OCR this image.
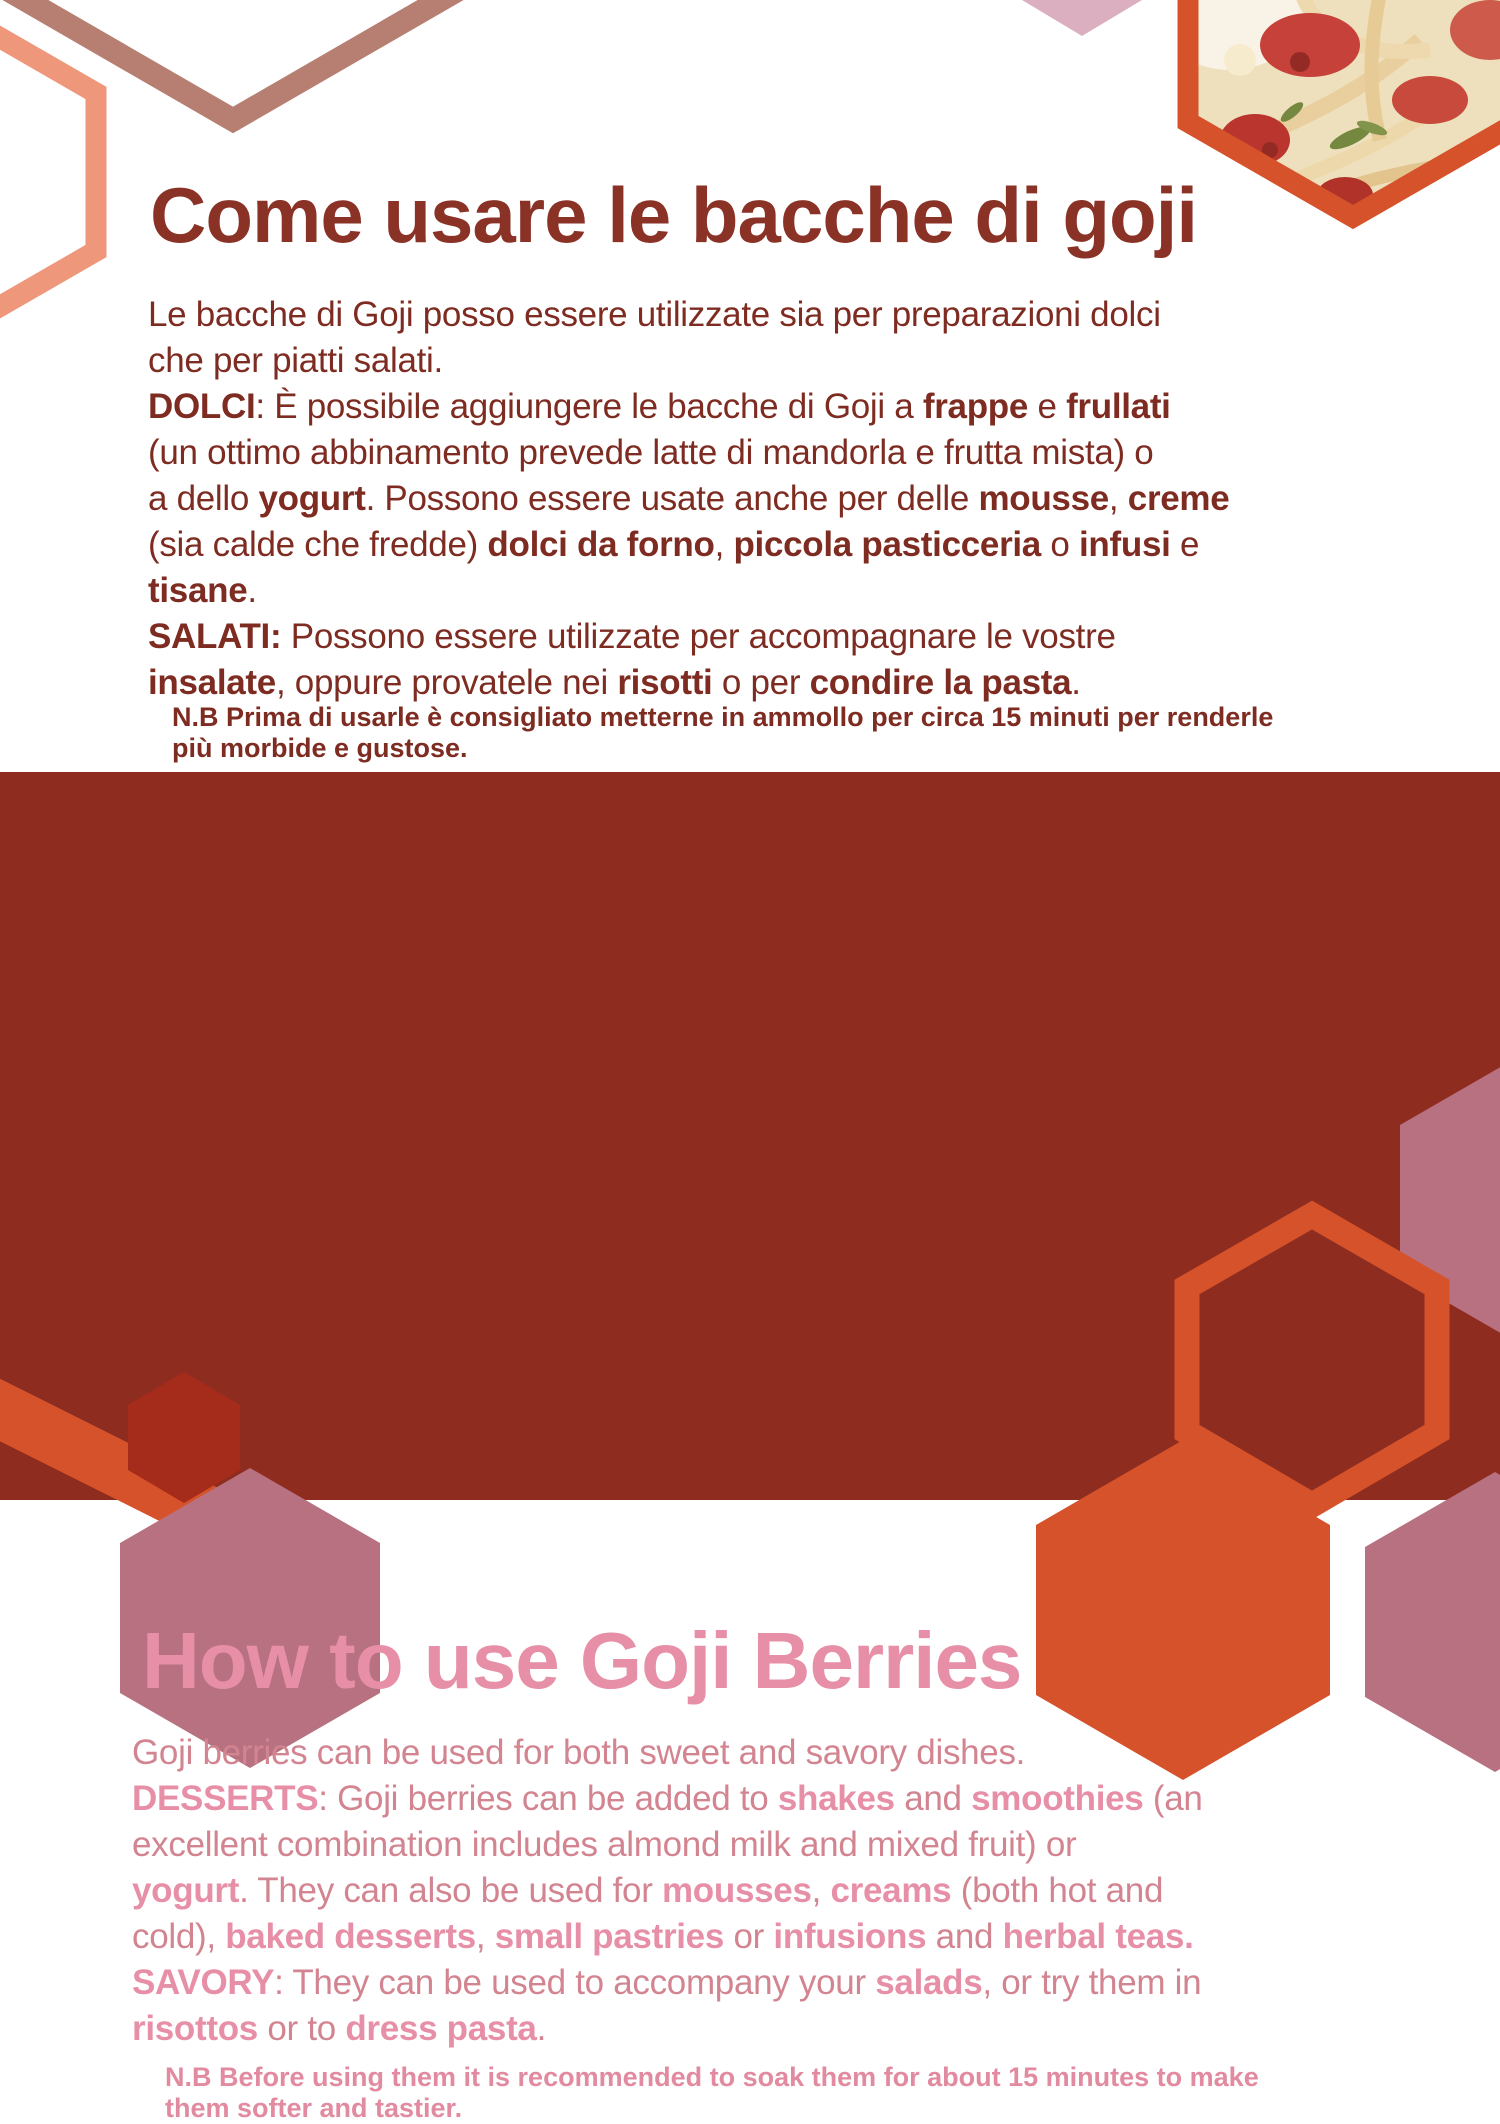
Come usare le bacche di goji
Le bacche di Goji posso essere utilizzate sia per preparazioni dolci
che per piatti salati.
DOLCI: È possibile aggiungere le bacche di Goji a frappe e frullati
(un ottimo abbinamento prevede latte di mandorla e frutta mista) o
a dello yogurt. Possono essere usate anche per delle mousse, creme
(sia calde che fredde) dolci da forno, piccola pasticceria o infusi e
tisane.
SALATI: Possono essere utilizzate per accompagnare le vostre
insalate, oppure provatele nei risotti o per condire la pasta.
N.B Prima di usarle è consigliato metterne in ammollo per circa 15 minuti per renderle
più morbide e gustose.
How to use Goji Berries
Goji berries can be used for both sweet and savory dishes.
DESSERTS: Goji berries can be added to shakes and smoothies (an
excellent combination includes almond milk and mixed fruit) or
yogurt. They can also be used for mousses, creams (both hot and
cold), baked desserts, small pastries or infusions and herbal teas.
SAVORY: They can be used to accompany your salads, or try them in
risottos or to dress pasta.
N.B Before using them it is recommended to soak them for about 15 minutes to make
them softer and tastier.
